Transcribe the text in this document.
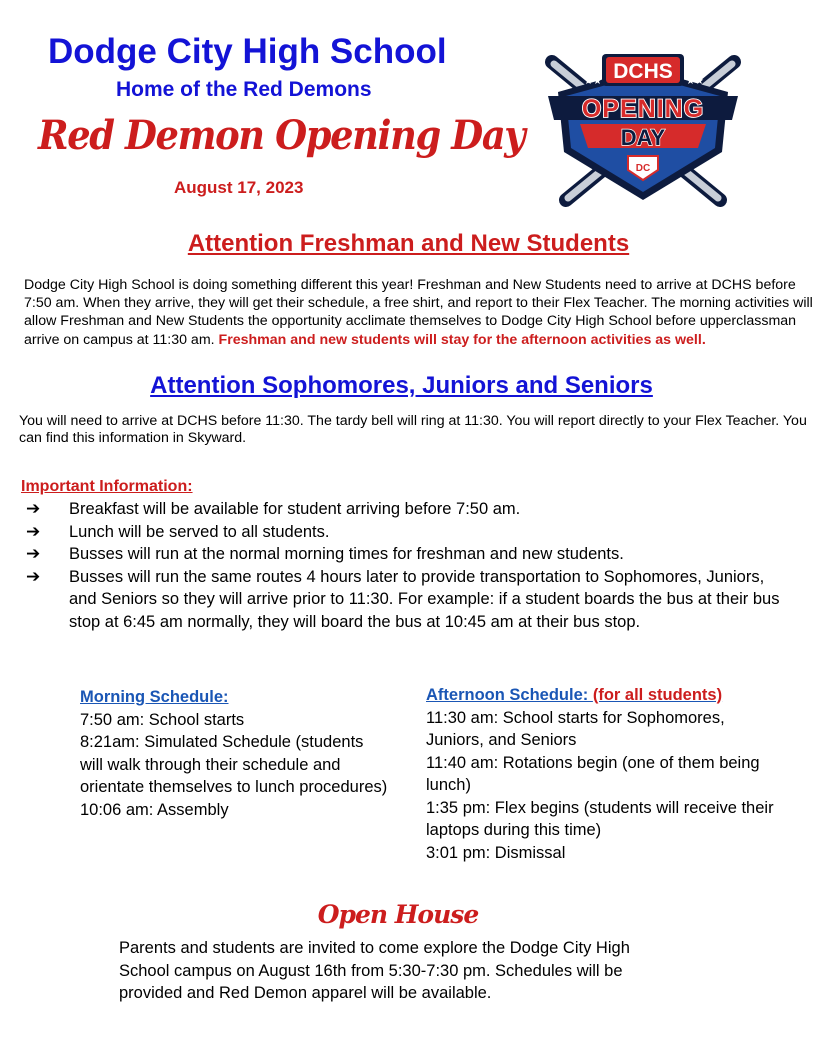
Dodge City High School
Home of the Red Demons
Red Demon Opening Day
August 17, 2023
DCHS
★★	★★
OPENING
DAY
DC
Attention Freshman and New Students
Dodge City High School is doing something different this year! Freshman and New Students need to arrive at DCHS before 7:50 am. When they arrive, they will get their schedule, a free shirt, and report to their Flex Teacher. The morning activities will allow Freshman and New Students the opportunity acclimate themselves to Dodge City High School before upperclassman arrive on campus at 11:30 am. Freshman and new students will stay for the afternoon activities as well.
Attention Sophomores, Juniors and Seniors
You will need to arrive at DCHS before 11:30. The tardy bell will ring at 11:30. You will report directly to your Flex Teacher. You can find this information in Skyward.
Important Information:
➔ Breakfast will be available for student arriving before 7:50 am.
➔ Lunch will be served to all students.
➔ Busses will run at the normal morning times for freshman and new students.
➔ Busses will run the same routes 4 hours later to provide transportation to Sophomores, Juniors, and Seniors so they will arrive prior to 11:30. For example: if a student boards the bus at their bus stop at 6:45 am normally, they will board the bus at 10:45 am at their bus stop.
Morning Schedule:
7:50 am: School starts
8:21am: Simulated Schedule (students will walk through their schedule and orientate themselves to lunch procedures)
10:06 am: Assembly
Afternoon Schedule: (for all students)
11:30 am: School starts for Sophomores, Juniors, and Seniors
11:40 am: Rotations begin (one of them being lunch)
1:35 pm: Flex begins (students will receive their laptops during this time)
3:01 pm: Dismissal
Open House
Parents and students are invited to come explore the Dodge City High School campus on August 16th from 5:30-7:30 pm. Schedules will be provided and Red Demon apparel will be available.
